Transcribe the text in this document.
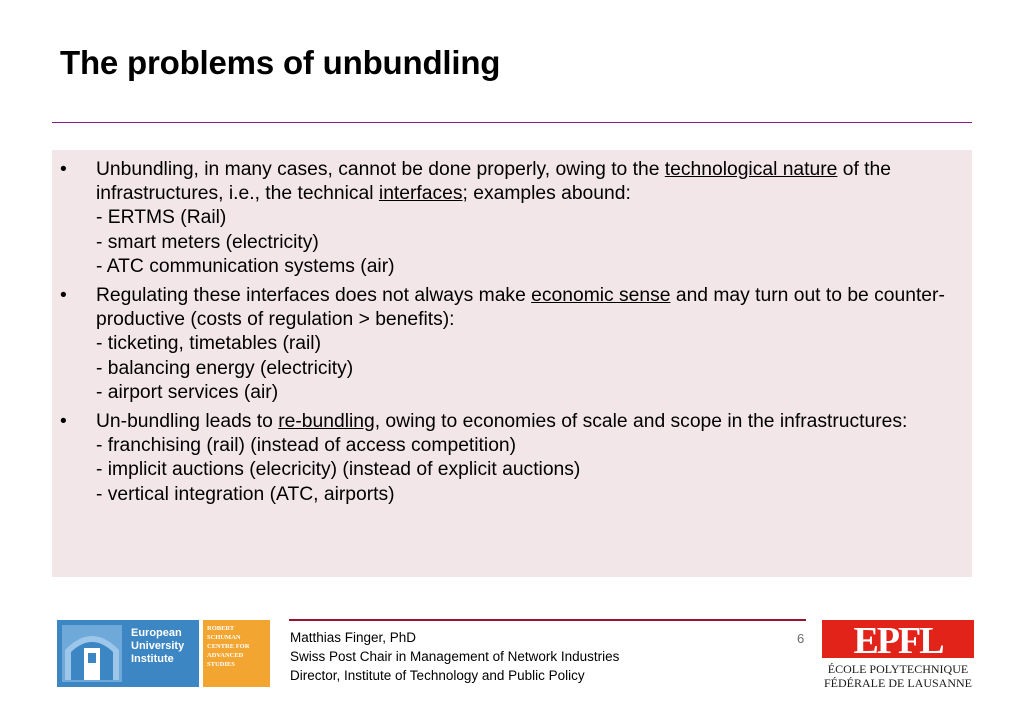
The problems of unbundling
• Unbundling, in many cases, cannot be done properly, owing to the technological nature of the infrastructures, i.e., the technical interfaces; examples abound:
- ERTMS (Rail)
- smart meters (electricity)
- ATC communication systems (air)
• Regulating these interfaces does not always make economic sense and may turn out to be counter-productive (costs of regulation > benefits):
- ticketing, timetables (rail)
- balancing energy (electricity)
- airport services (air)
• Un-bundling leads to re-bundling, owing to economies of scale and scope in the infrastructures:
- franchising (rail) (instead of access competition)
- implicit auctions (elecricity) (instead of explicit auctions)
- vertical integration (ATC, airports)
European
University
Institute
ROBERT
SCHUMAN
CENTRE FOR
ADVANCED
STUDIES
Matthias Finger, PhD
Swiss Post Chair in Management of Network Industries
Director, Institute of Technology and Public Policy
6 EPFL
ÉCOLE POLYTECHNIQUE
FÉDÉRALE DE LAUSANNE
